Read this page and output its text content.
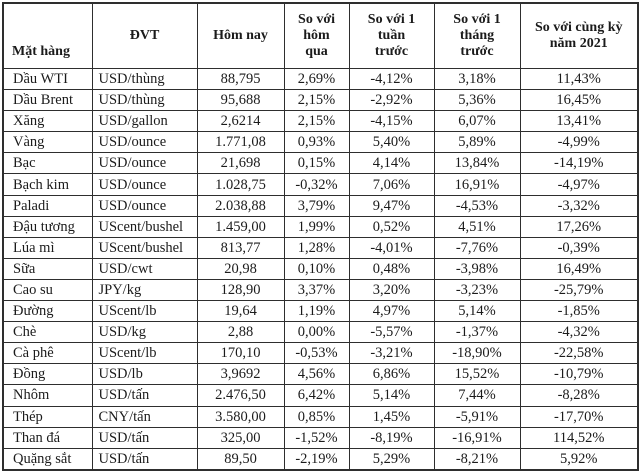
Mặt hàng	ĐVT	Hôm nay	So với hôm qua	So với 1 tuần trước	So với 1 tháng trước	So với cùng kỳ năm 2021
Dầu WTI	USD/thùng	88,795	2,69%	-4,12%	3,18%	11,43%
Dầu Brent	USD/thùng	95,688	2,15%	-2,92%	5,36%	16,45%
Xăng	USD/gallon	2,6214	2,15%	-4,15%	6,07%	13,41%
Vàng	USD/ounce	1.771,08	0,93%	5,40%	5,89%	-4,99%
Bạc	USD/ounce	21,698	0,15%	4,14%	13,84%	-14,19%
Bạch kim	USD/ounce	1.028,75	-0,32%	7,06%	16,91%	-4,97%
Paladi	USD/ounce	2.038,88	3,79%	9,47%	-4,53%	-3,32%
Đậu tương	UScent/bushel	1.459,00	1,99%	0,52%	4,51%	17,26%
Lúa mì	UScent/bushel	813,77	1,28%	-4,01%	-7,76%	-0,39%
Sữa	USD/cwt	20,98	0,10%	0,48%	-3,98%	16,49%
Cao su	JPY/kg	128,90	3,37%	3,20%	-3,23%	-25,79%
Đường	UScent/lb	19,64	1,19%	4,97%	5,14%	-1,85%
Chè	USD/kg	2,88	0,00%	-5,57%	-1,37%	-4,32%
Cà phê	UScent/lb	170,10	-0,53%	-3,21%	-18,90%	-22,58%
Đồng	USD/lb	3,9692	4,56%	6,86%	15,52%	-10,79%
Nhôm	USD/tấn	2.476,50	6,42%	5,14%	7,44%	-8,28%
Thép	CNY/tấn	3.580,00	0,85%	1,45%	-5,91%	-17,70%
Than đá	USD/tấn	325,00	-1,52%	-8,19%	-16,91%	114,52%
Quặng sắt	USD/tấn	89,50	-2,19%	5,29%	-8,21%	5,92%
